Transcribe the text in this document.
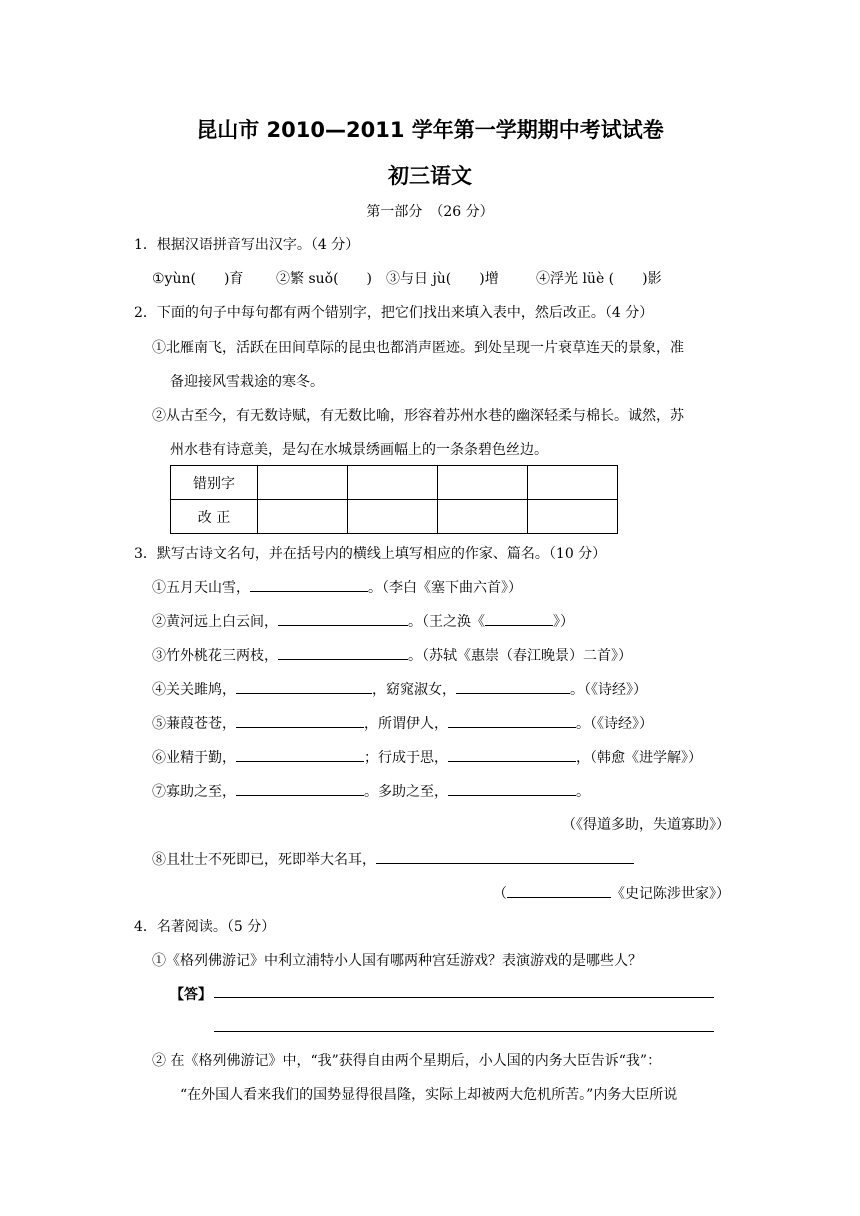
昆山市 2010—2011 学年第一学期期中考试试卷
初三语文
第一部分　（26 分）
1．根据汉语拼音写出汉字。（4 分）
①yùn(　　)育 ②繁 suǒ(　　) ③与日 jù(　　)增	④浮光 lüè (　　)影
2．下面的句子中每句都有两个错别字，把它们找出来填入表中，然后改正。（4 分）
①北雁南飞，活跃在田间草际的昆虫也都消声匿迹。到处呈现一片衰草连天的景象，准
备迎接风雪栽途的寒冬。
②从古至今，有无数诗赋，有无数比喻，形容着苏州水巷的幽深轻柔与棉长。诚然，苏
州水巷有诗意美，是勾在水城景绣画幅上的一条条碧色丝边。
错别字				
改 正				
3．默写古诗文名句，并在括号内的横线上填写相应的作家、篇名。（10 分）
①五月天山雪，	。（李白《塞下曲六首》）
②黄河远上白云间，	。（王之涣《	》）
③竹外桃花三两枝，	。（苏轼《惠崇（春江晚景）二首》）
④关关雎鸠，	，窈窕淑女，	。（《诗经》）
⑤蒹葭苍苍，	，所谓伊人，	。（《诗经》）
⑥业精于勤，	；行成于思，	，（韩愈《进学解》）
⑦寡助之至，	。多助之至，	。
（《得道多助，失道寡助》）
⑧且壮士不死即已，死即举大名耳，
（	《史记陈涉世家》）
4．名著阅读。（5 分）
①《格列佛游记》中利立浦特小人国有哪两种宫廷游戏？表演游戏的是哪些人？
【答】
② 在《格列佛游记》中，“我”获得自由两个星期后，小人国的内务大臣告诉“我”：
“在外国人看来我们的国势显得很昌隆，实际上却被两大危机所苦。”内务大臣所说
